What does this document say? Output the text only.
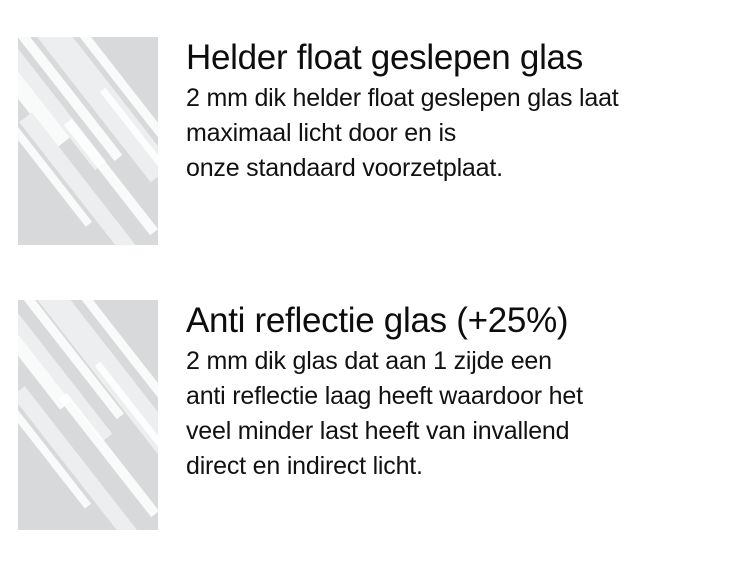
Helder float geslepen glas
2 mm dik helder float geslepen glas laat
maximaal licht door en is
onze standaard voorzetplaat.
Anti reflectie glas (+25%)
2 mm dik glas dat aan 1 zijde een
anti reflectie laag heeft waardoor het
veel minder last heeft van invallend
direct en indirect licht.
